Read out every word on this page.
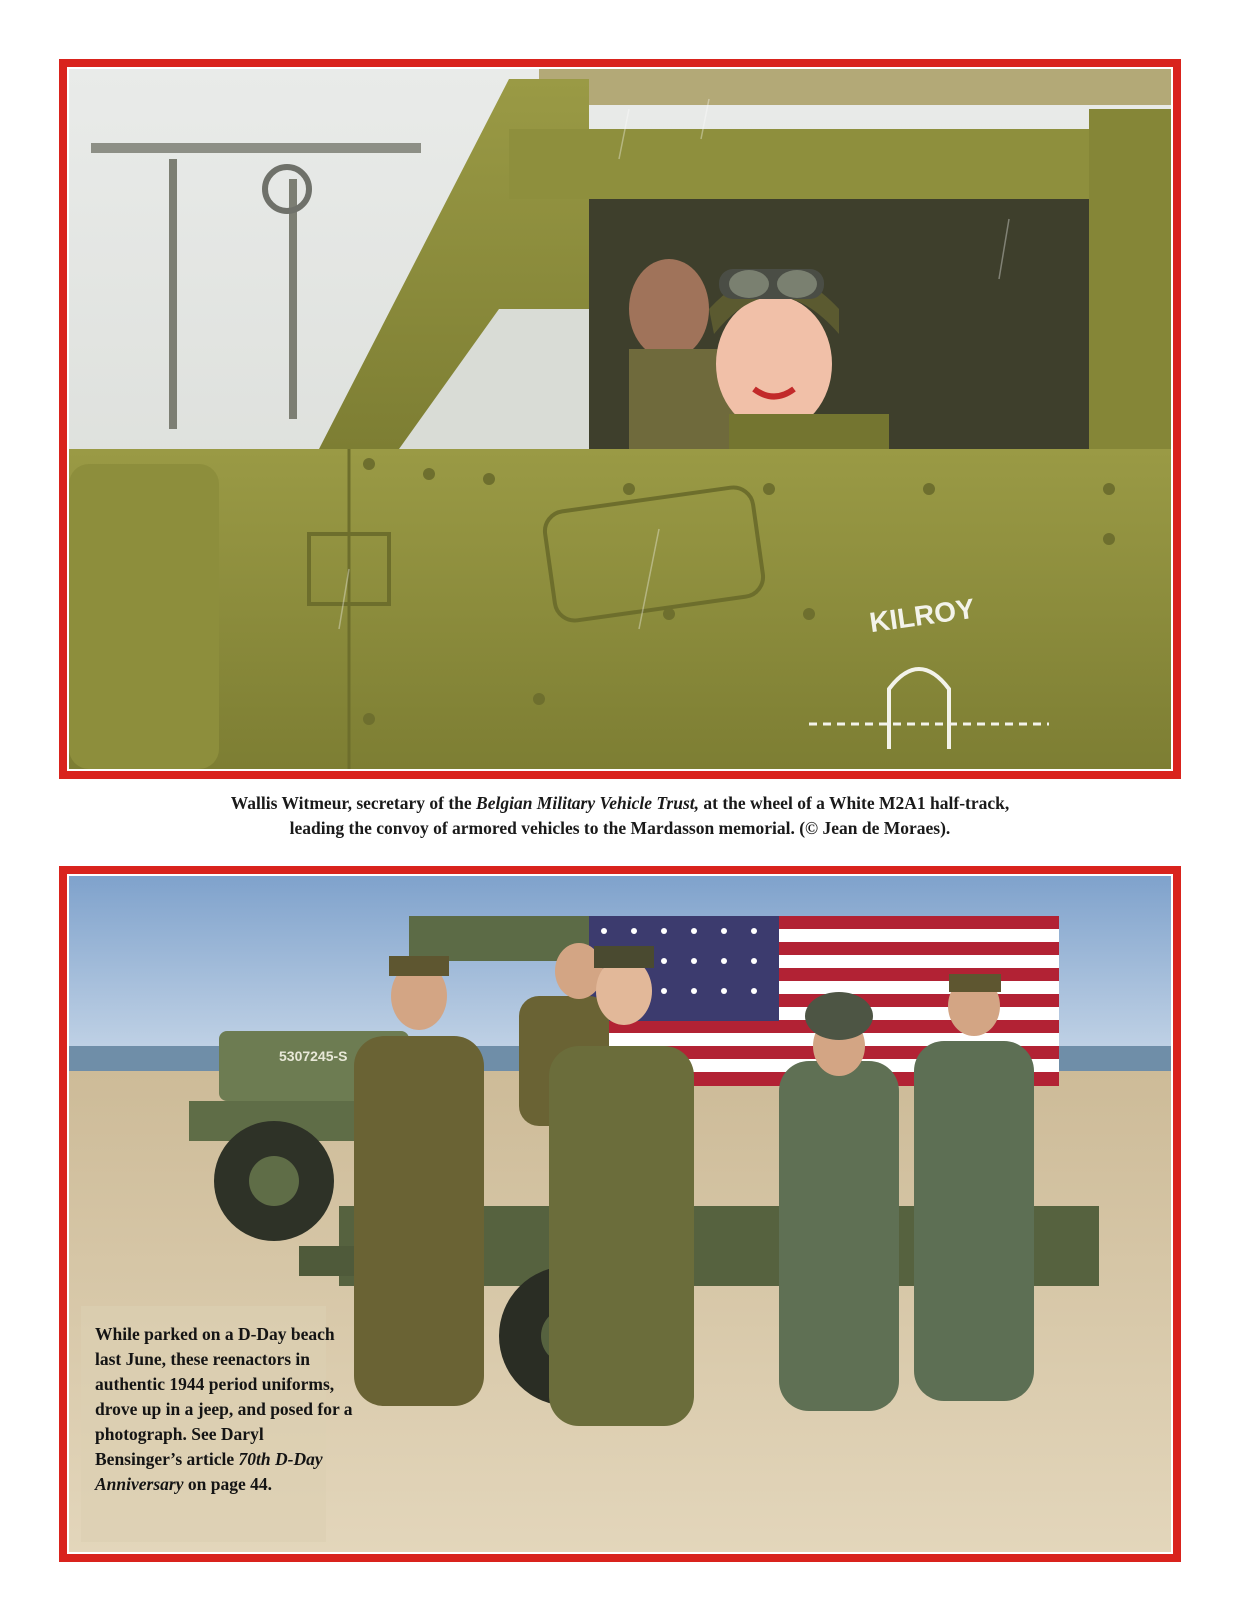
KILROY
Wallis Witmeur, secretary of the Belgian Military Vehicle Trust, at the wheel of a White M2A1 half-track,
leading the convoy of armored vehicles to the Mardasson memorial. (© Jean de Moraes).
5307245-S
While parked on a D-Day beach last June, these reenactors in authentic 1944 period uniforms, drove up in a jeep, and posed for a photograph. See Daryl Bensinger’s article 70th D-Day Anniversary on page 44.
